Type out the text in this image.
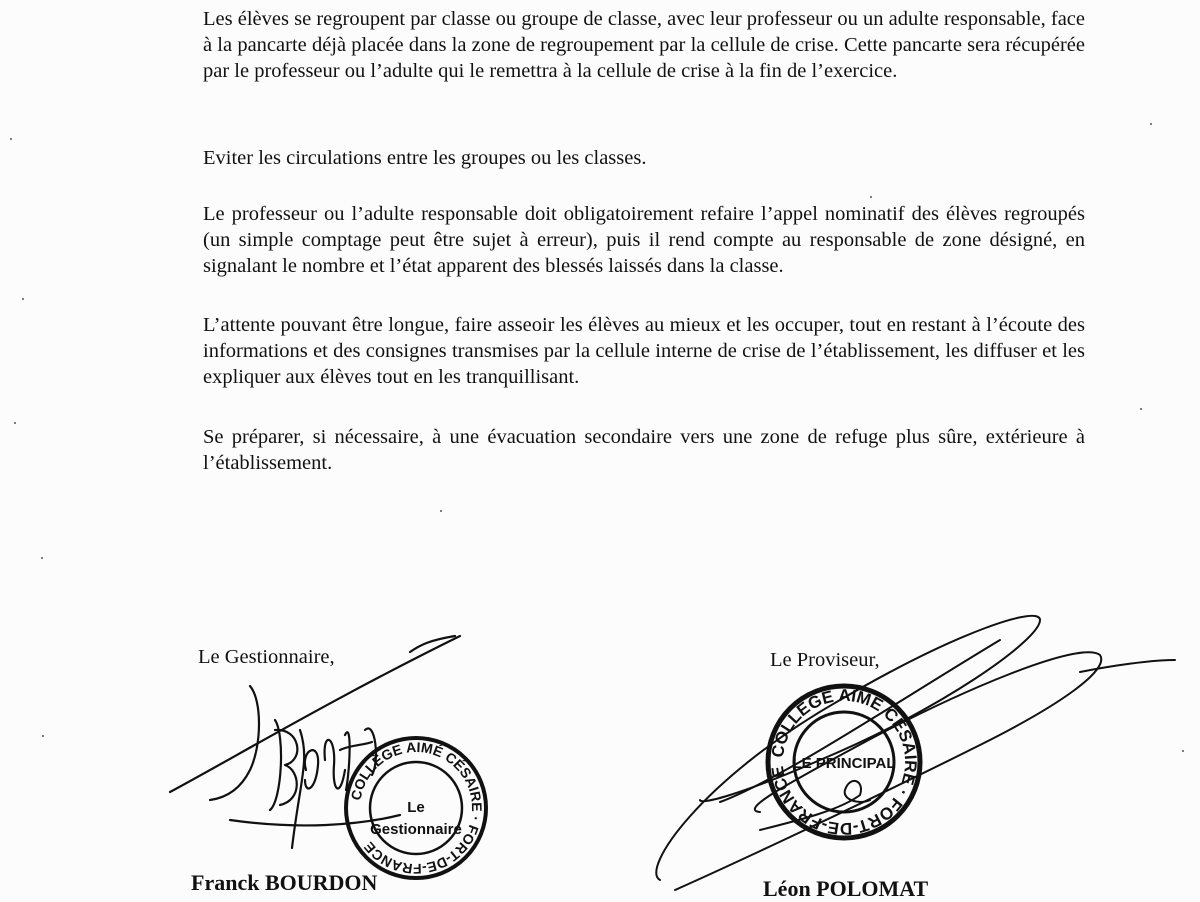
Les élèves se regroupent par classe ou groupe de classe, avec leur professeur ou un adulte responsable, face à la pancarte déjà placée dans la zone de regroupement par la cellule de crise. Cette pancarte sera récupérée par le professeur ou l’adulte qui le remettra à la cellule de crise à la fin de l’exercice.

Eviter les circulations entre les groupes ou les classes.

Le professeur ou l’adulte responsable doit obligatoirement refaire l’appel nominatif des élèves regroupés (un simple comptage peut être sujet à erreur), puis il rend compte au responsable de zone désigné, en signalant le nombre et l’état apparent des blessés laissés dans la classe.

L’attente pouvant être longue, faire asseoir les élèves au mieux et les occuper, tout en restant à l’écoute des informations et des consignes transmises par la cellule interne de crise de l’établissement, les diffuser et les expliquer aux élèves tout en les tranquillisant.

Se préparer, si nécessaire, à une évacuation secondaire vers une zone de refuge plus sûre, extérieure à l’établissement.

Le Gestionnaire,	Le Proviseur,
COLLÈGE AIMÉ CÉSAIRE · FORT-DE-FRANCE
Le
Gestionnaire
COLLÈGE AIMÉ CÉSAIRE · FORT-DE-FRANCE LE PRINCIPAL
Franck BOURDON	Léon POLOMAT
